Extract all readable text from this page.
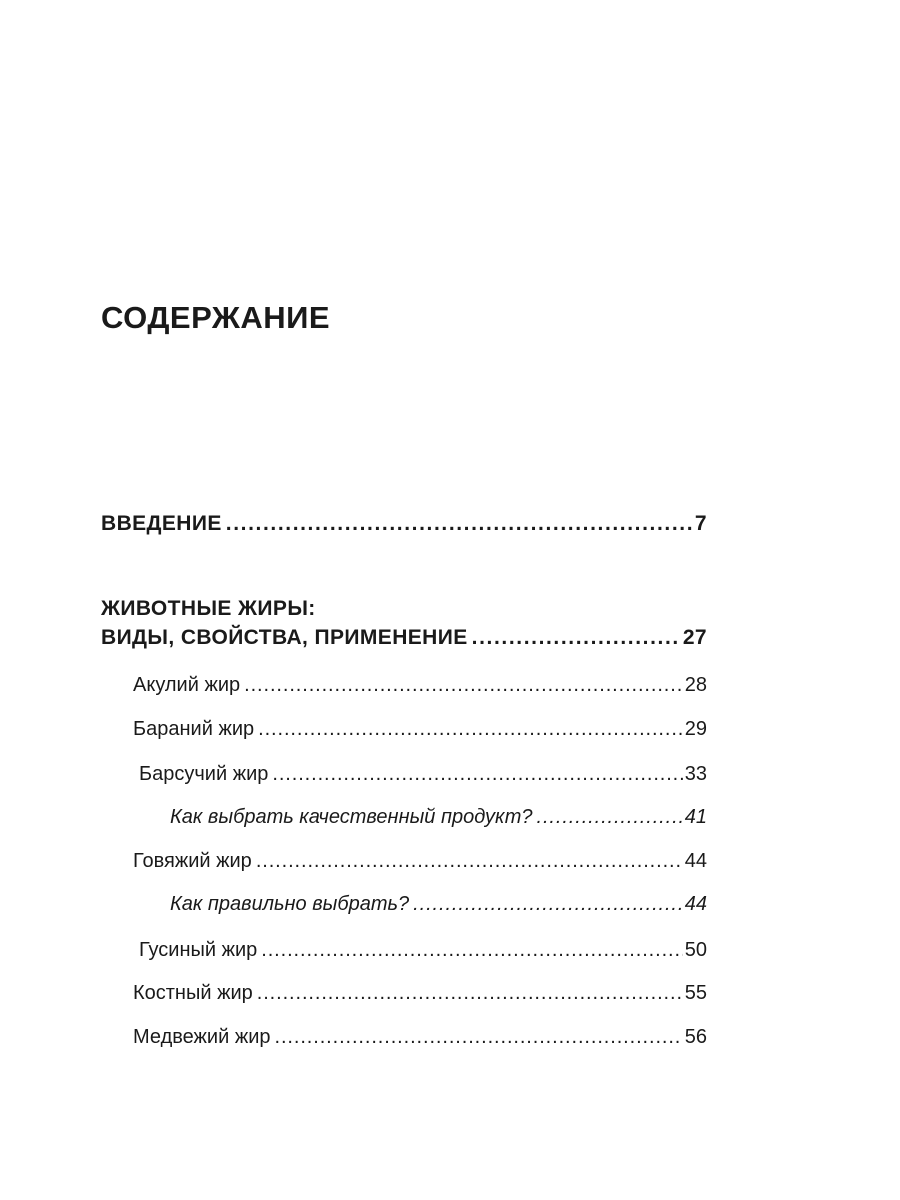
СОДЕРЖАНИЕ
ВВЕДЕНИЕ .....	7
ЖИВОТНЫЕ ЖИРЫ:
ВИДЫ, СВОЙСТВА, ПРИМЕНЕНИЕ .....	27
Акулий жир .....	28
Бараний жир .....	29
Барсучий жир .....	33
Как выбрать качественный продукт? .....	41
Говяжий жир .....	44
Как правильно выбрать? .....	44
Гусиный жир .....	50
Костный жир .....	55
Медвежий жир .....	56
